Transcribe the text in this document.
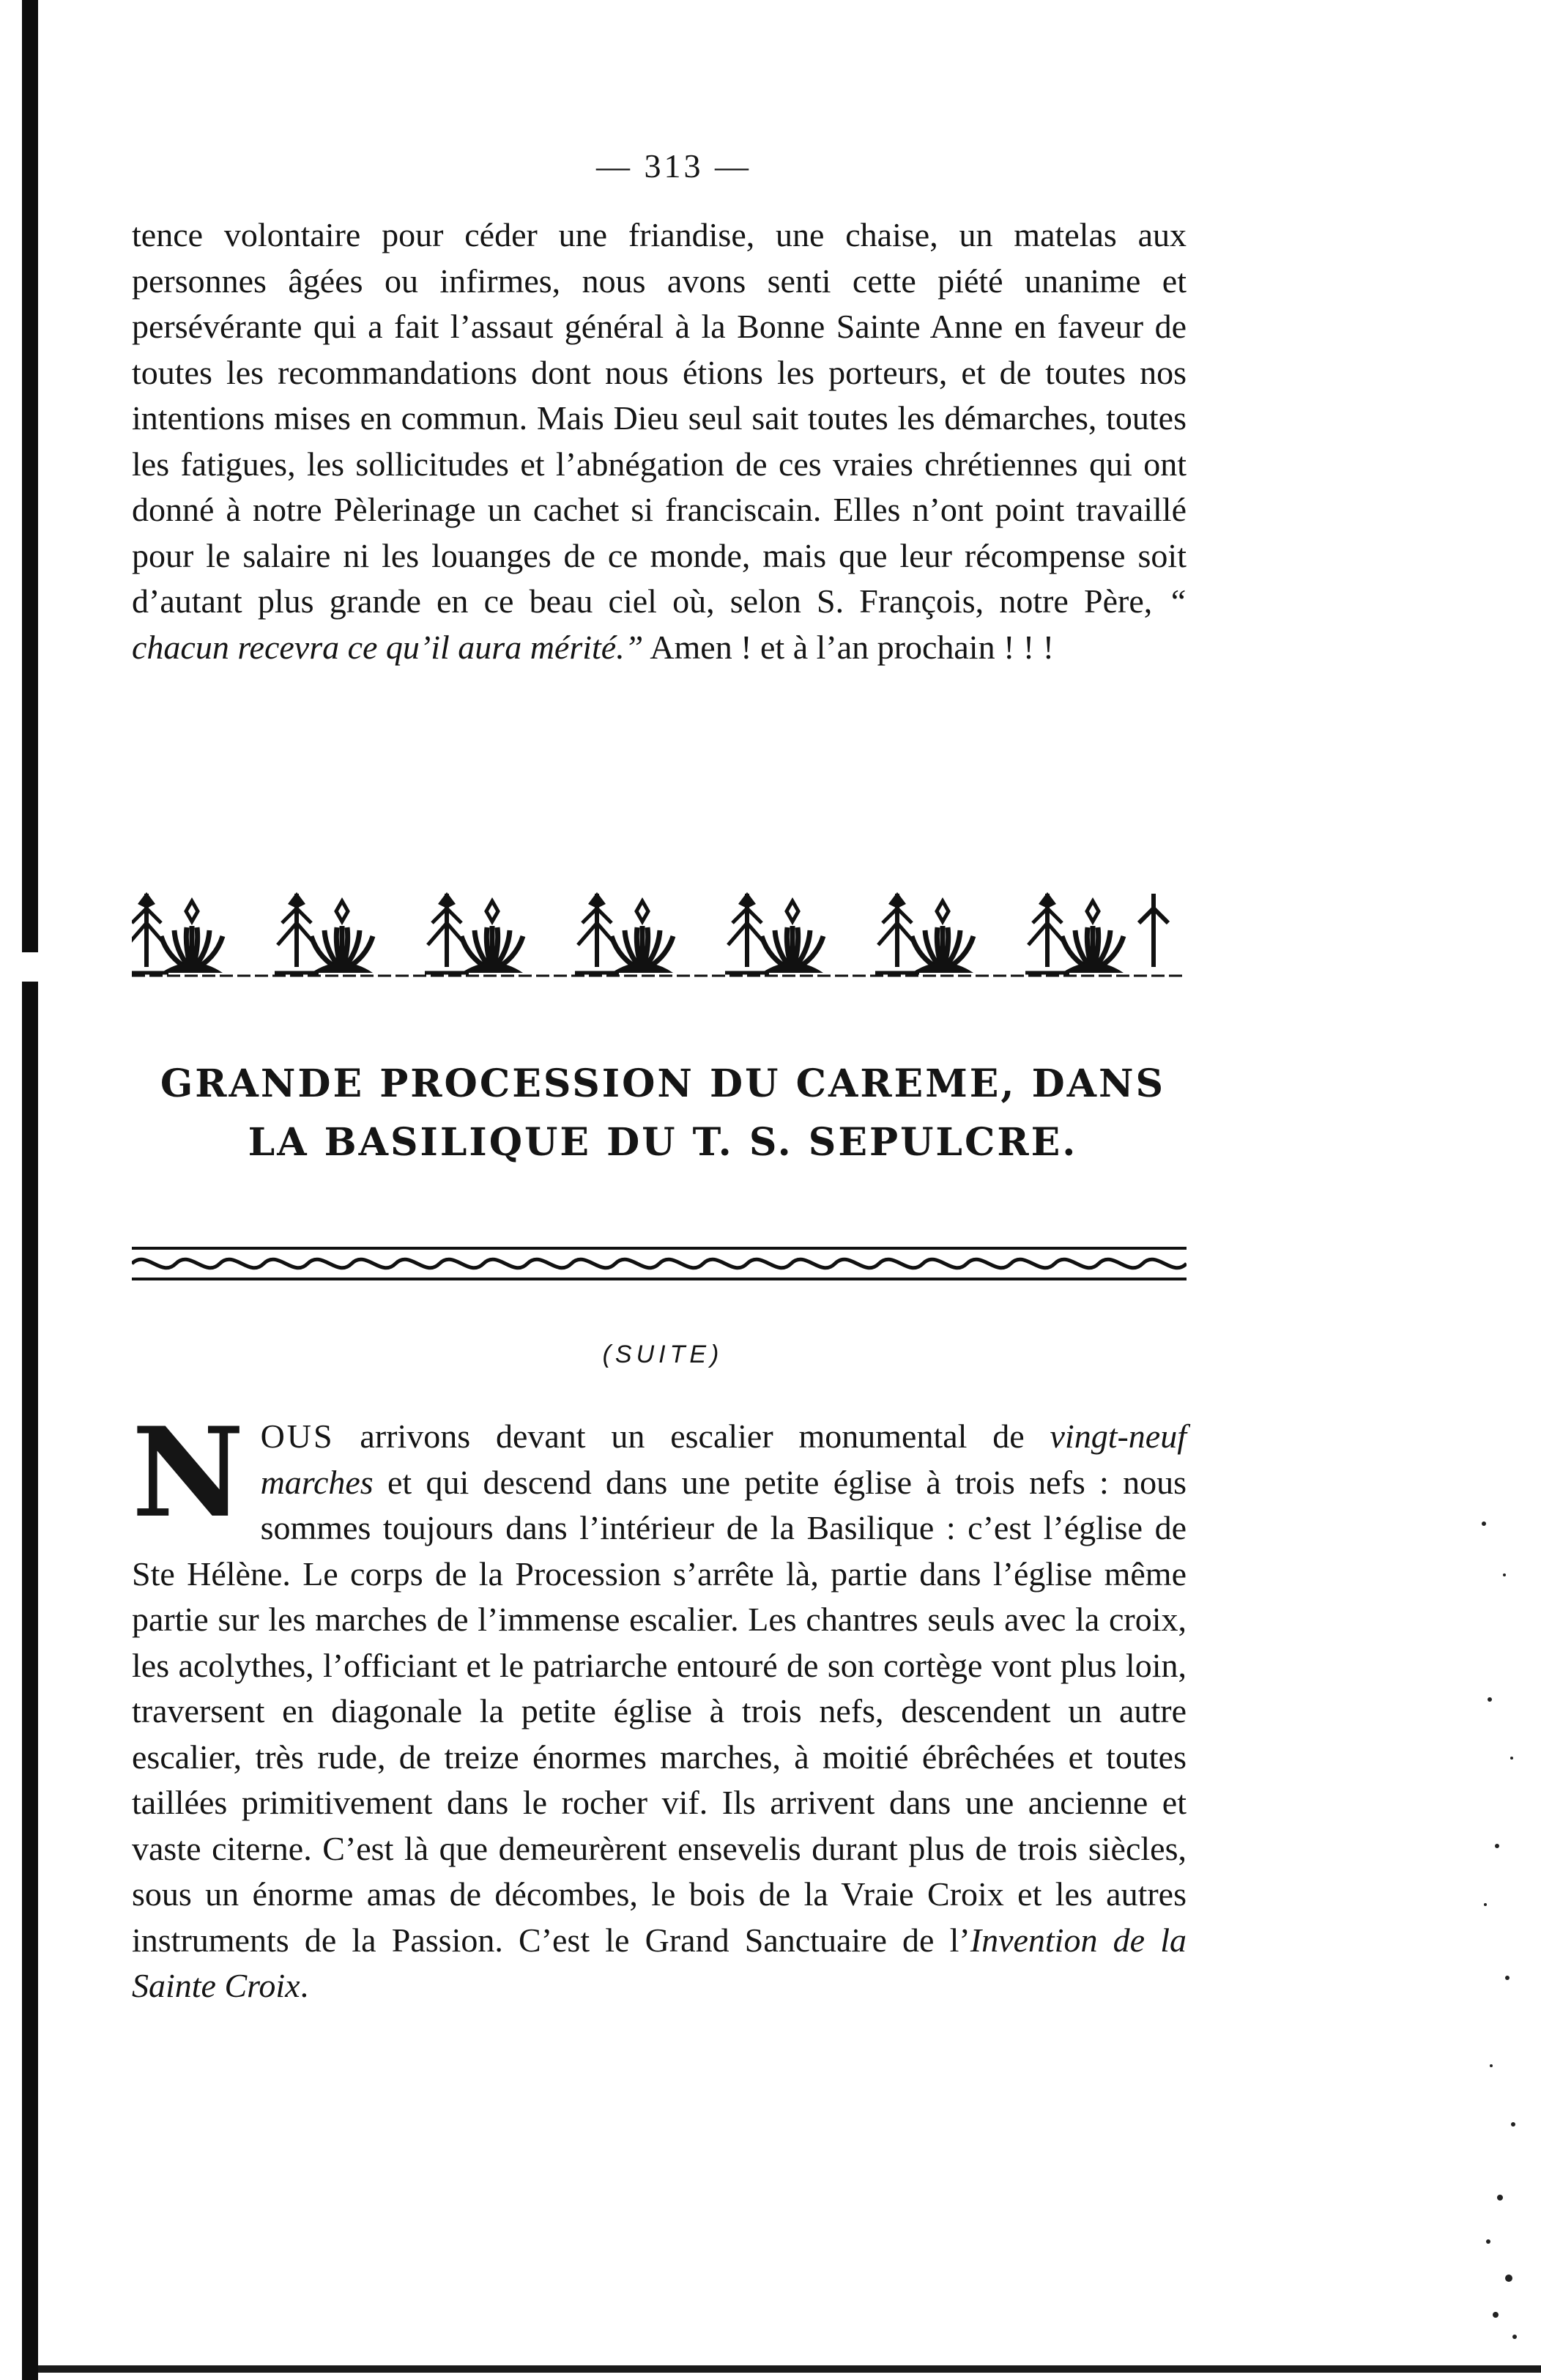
— 313 —

tence volontaire pour céder une friandise, une chaise, un matelas aux personnes âgées ou infirmes, nous avons senti cette piété unanime et persévérante qui a fait l’assaut général à la Bonne Sainte Anne en faveur de toutes les recommandations dont nous étions les porteurs, et de toutes nos intentions mises en commun. Mais Dieu seul sait toutes les démarches, toutes les fatigues, les sollicitudes et l’abnégation de ces vraies chrétiennes qui ont donné à notre Pèlerinage un cachet si franciscain. Elles n’ont point travaillé pour le salaire ni les louanges de ce monde, mais que leur récompense soit d’autant plus grande en ce beau ciel où, selon S. François, notre Père, “ chacun recevra ce qu’il aura mérité.” Amen ! et à l’an prochain ! ! !

GRANDE PROCESSION DU CAREME, DANS
LA BASILIQUE DU T. S. SEPULCRE.
(SUITE)

NOUS arrivons devant un escalier monumental de vingt-neuf marches et qui descend dans une petite église à trois nefs : nous sommes toujours dans l’intérieur de la Basilique : c’est l’église de Ste Hélène. Le corps de la Procession s’arrête là, partie dans l’église même partie sur les marches de l’immense escalier. Les chantres seuls avec la croix, les acolythes, l’officiant et le patriarche entouré de son cortège vont plus loin, traversent en diagonale la petite église à trois nefs, descendent un autre escalier, très rude, de treize énormes marches, à moitié ébrêchées et toutes taillées primitivement dans le rocher vif. Ils arrivent dans une ancienne et vaste citerne. C’est là que demeurèrent ensevelis durant plus de trois siècles, sous un énorme amas de décombes, le bois de la Vraie Croix et les autres instruments de la Passion. C’est le Grand Sanctuaire de l’Invention de la Sainte Croix.
